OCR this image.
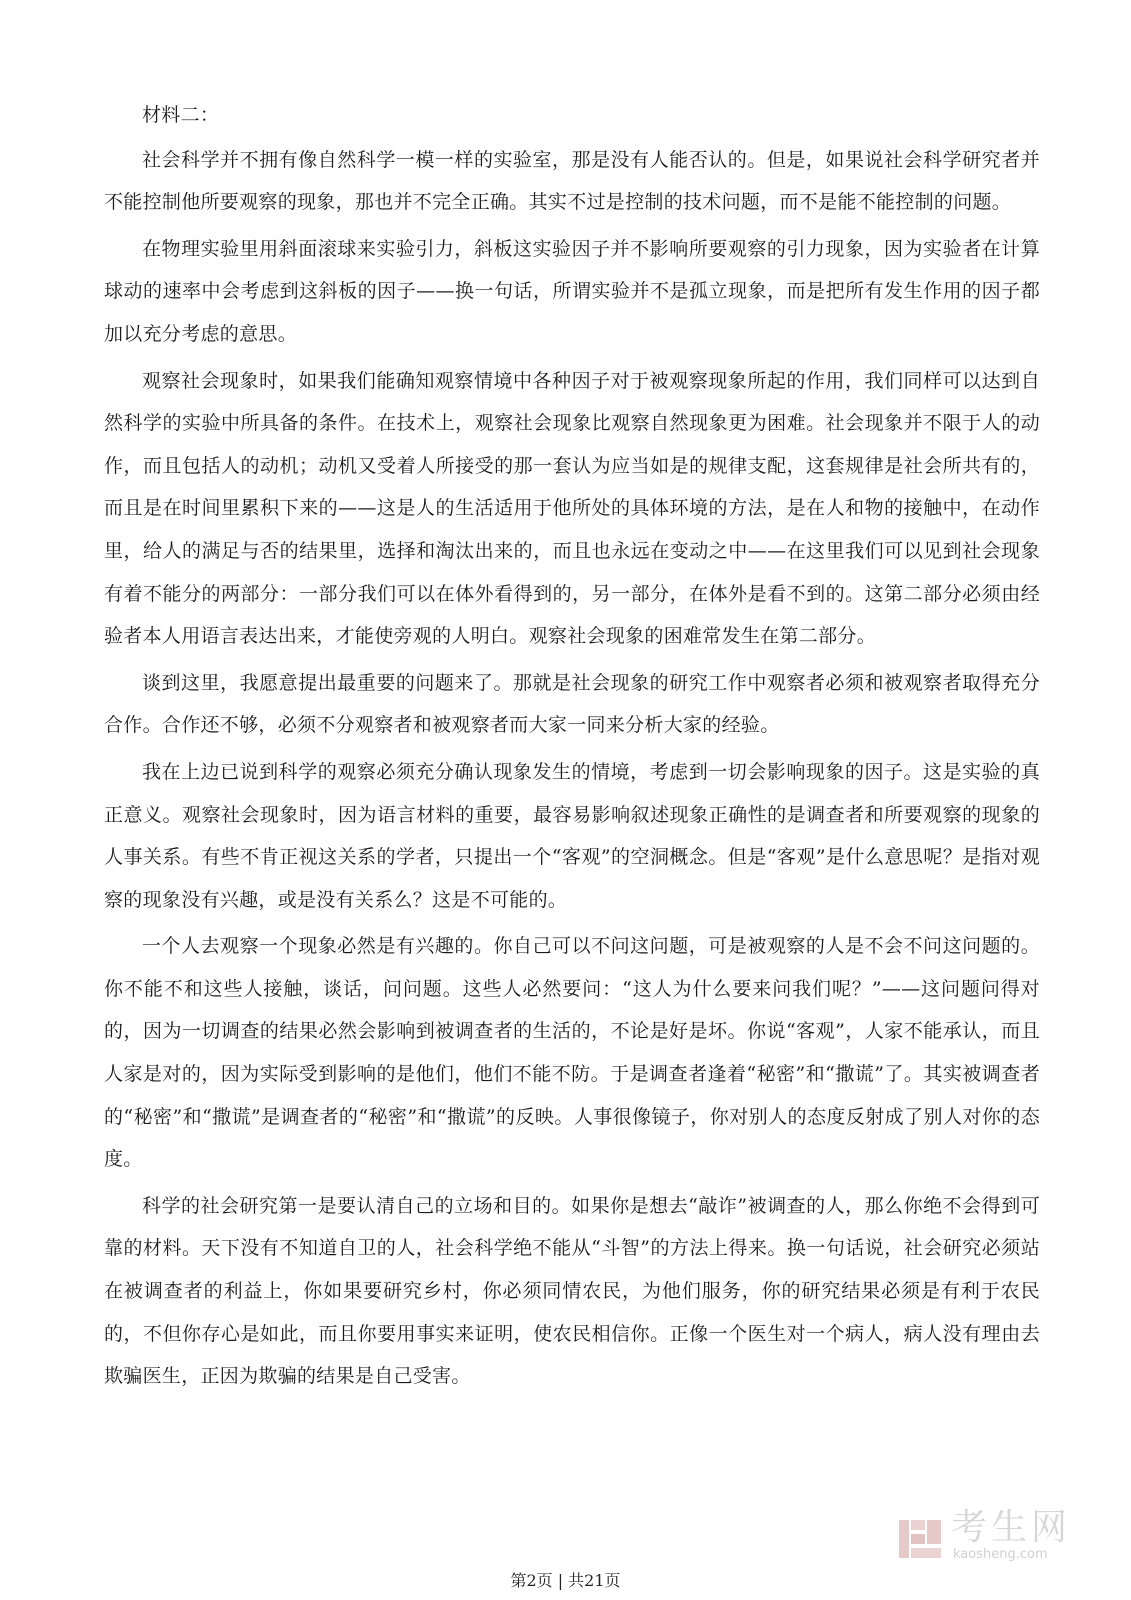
材料二：

社会科学并不拥有像自然科学一模一样的实验室，那是没有人能否认的。但是，如果说社会科学研究者并不能控制他所要观察的现象，那也并不完全正确。其实不过是控制的技术问题，而不是能不能控制的问题。

在物理实验里用斜面滚球来实验引力，斜板这实验因子并不影响所要观察的引力现象，因为实验者在计算球动的速率中会考虑到这斜板的因子——换一句话，所谓实验并不是孤立现象，而是把所有发生作用的因子都加以充分考虑的意思。

观察社会现象时，如果我们能确知观察情境中各种因子对于被观察现象所起的作用，我们同样可以达到自然科学的实验中所具备的条件。在技术上，观察社会现象比观察自然现象更为困难。社会现象并不限于人的动作，而且包括人的动机；动机又受着人所接受的那一套认为应当如是的规律支配，这套规律是社会所共有的，而且是在时间里累积下来的——这是人的生活适用于他所处的具体环境的方法，是在人和物的接触中，在动作里，给人的满足与否的结果里，选择和淘汰出来的，而且也永远在变动之中——在这里我们可以见到社会现象有着不能分的两部分：一部分我们可以在体外看得到的，另一部分，在体外是看不到的。这第二部分必须由经验者本人用语言表达出来，才能使旁观的人明白。观察社会现象的困难常发生在第二部分。

谈到这里，我愿意提出最重要的问题来了。那就是社会现象的研究工作中观察者必须和被观察者取得充分合作。合作还不够，必须不分观察者和被观察者而大家一同来分析大家的经验。

我在上边已说到科学的观察必须充分确认现象发生的情境，考虑到一切会影响现象的因子。这是实验的真正意义。观察社会现象时，因为语言材料的重要，最容易影响叙述现象正确性的是调查者和所要观察的现象的人事关系。有些不肯正视这关系的学者，只提出一个“客观”的空洞概念。但是“客观”是什么意思呢？是指对观察的现象没有兴趣，或是没有关系么？这是不可能的。

一个人去观察一个现象必然是有兴趣的。你自己可以不问这问题，可是被观察的人是不会不问这问题的。你不能不和这些人接触，谈话，问问题。这些人必然要问：“这人为什么要来问我们呢？”——这问题问得对的，因为一切调查的结果必然会影响到被调查者的生活的，不论是好是坏。你说“客观”，人家不能承认，而且人家是对的，因为实际受到影响的是他们，他们不能不防。于是调查者逢着“秘密”和“撒谎”了。其实被调查者的“秘密”和“撒谎”是调查者的“秘密”和“撒谎”的反映。人事很像镜子，你对别人的态度反射成了别人对你的态度。

科学的社会研究第一是要认清自己的立场和目的。如果你是想去“敲诈”被调查的人，那么你绝不会得到可靠的材料。天下没有不知道自卫的人，社会科学绝不能从“斗智”的方法上得来。换一句话说，社会研究必须站在被调查者的利益上，你如果要研究乡村，你必须同情农民，为他们服务，你的研究结果必须是有利于农民的，不但你存心是如此，而且你要用事实来证明，使农民相信你。正像一个医生对一个病人，病人没有理由去欺骗医生，正因为欺骗的结果是自己受害。

考生网
kaosheng.com
第2页 | 共21页
